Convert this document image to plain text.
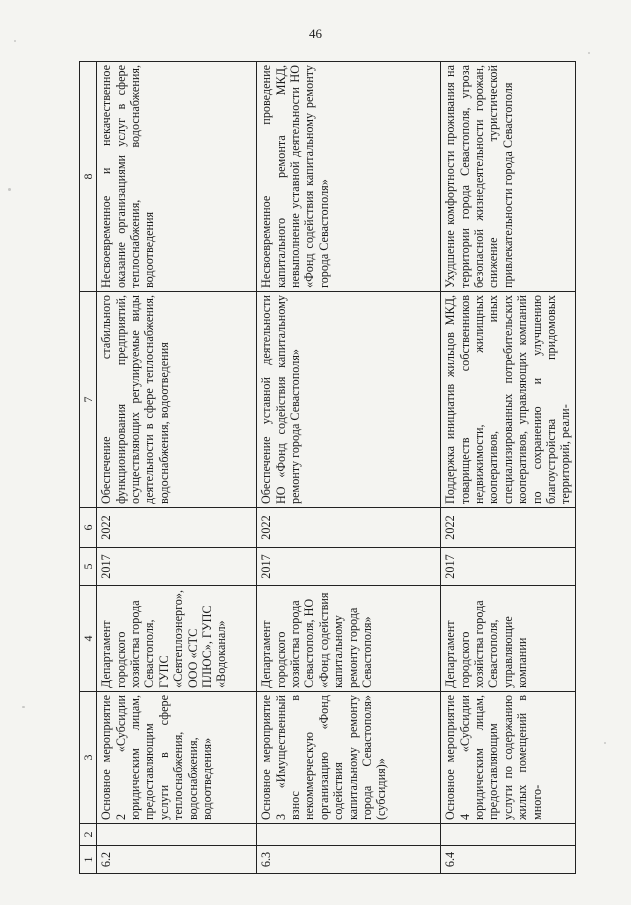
46
1	2	3	4	5	6	7	8
6.2		Основное мероприятие 2 «Субсидии юридическим лицам, предоставляющим услуги в сфере теплоснабжения, водоснабжения, водоотведения»	Департамент городского хозяйства города Севастополя, ГУПС «Севтеплоэнерго», ООО «СТС ПЛЮС», ГУПС «Водоканал»	2017	2022	Обеспечение стабильного функционирования предприятий, осуществляющих регулируемые виды деятельности в сфере теплоснабжения, водоснабжения, водоотведения	Несвоевременное и некачественное оказание организациями услуг в сфере теплоснабжения, водоснабжения, водоотведения
6.3		Основное мероприятие 3 «Имущественный взнос в некоммерческую организацию «Фонд содействия капитальному ремонту города Севастополя» (субсидия)»	Департамент городского хозяйства города Севастополя, НО «Фонд содействия капитальному ремонту города Севастополя»	2017	2022	Обеспечение уставной деятельности НО «Фонд содействия капитальному ремонту города Севастополя»	Несвоевременное проведение капитального ремонта МКД, невыполнение уставной деятельности НО «Фонд содействия капитальному ремонту города Севастополя»
6.4		Основное мероприятие 4 «Субсидии юридическим лицам, предоставляющим услуги по содержанию жилых помещений в много-	Департамент городского хозяйства города Севастополя, управляющие компании	2017	2022	Поддержка инициатив жильцов МКД, товариществ собственников недвижимости, жилищных кооперативов, иных специализированных потребительских кооперативов, управляющих компаний по сохранению и улучшению благоустройства придомовых территорий, реали-	Ухудшение комфортности проживания на территории города Севастополя, угроза безопасной жизнедеятельности горожан, снижение туристической привлекательности города Севастополя
